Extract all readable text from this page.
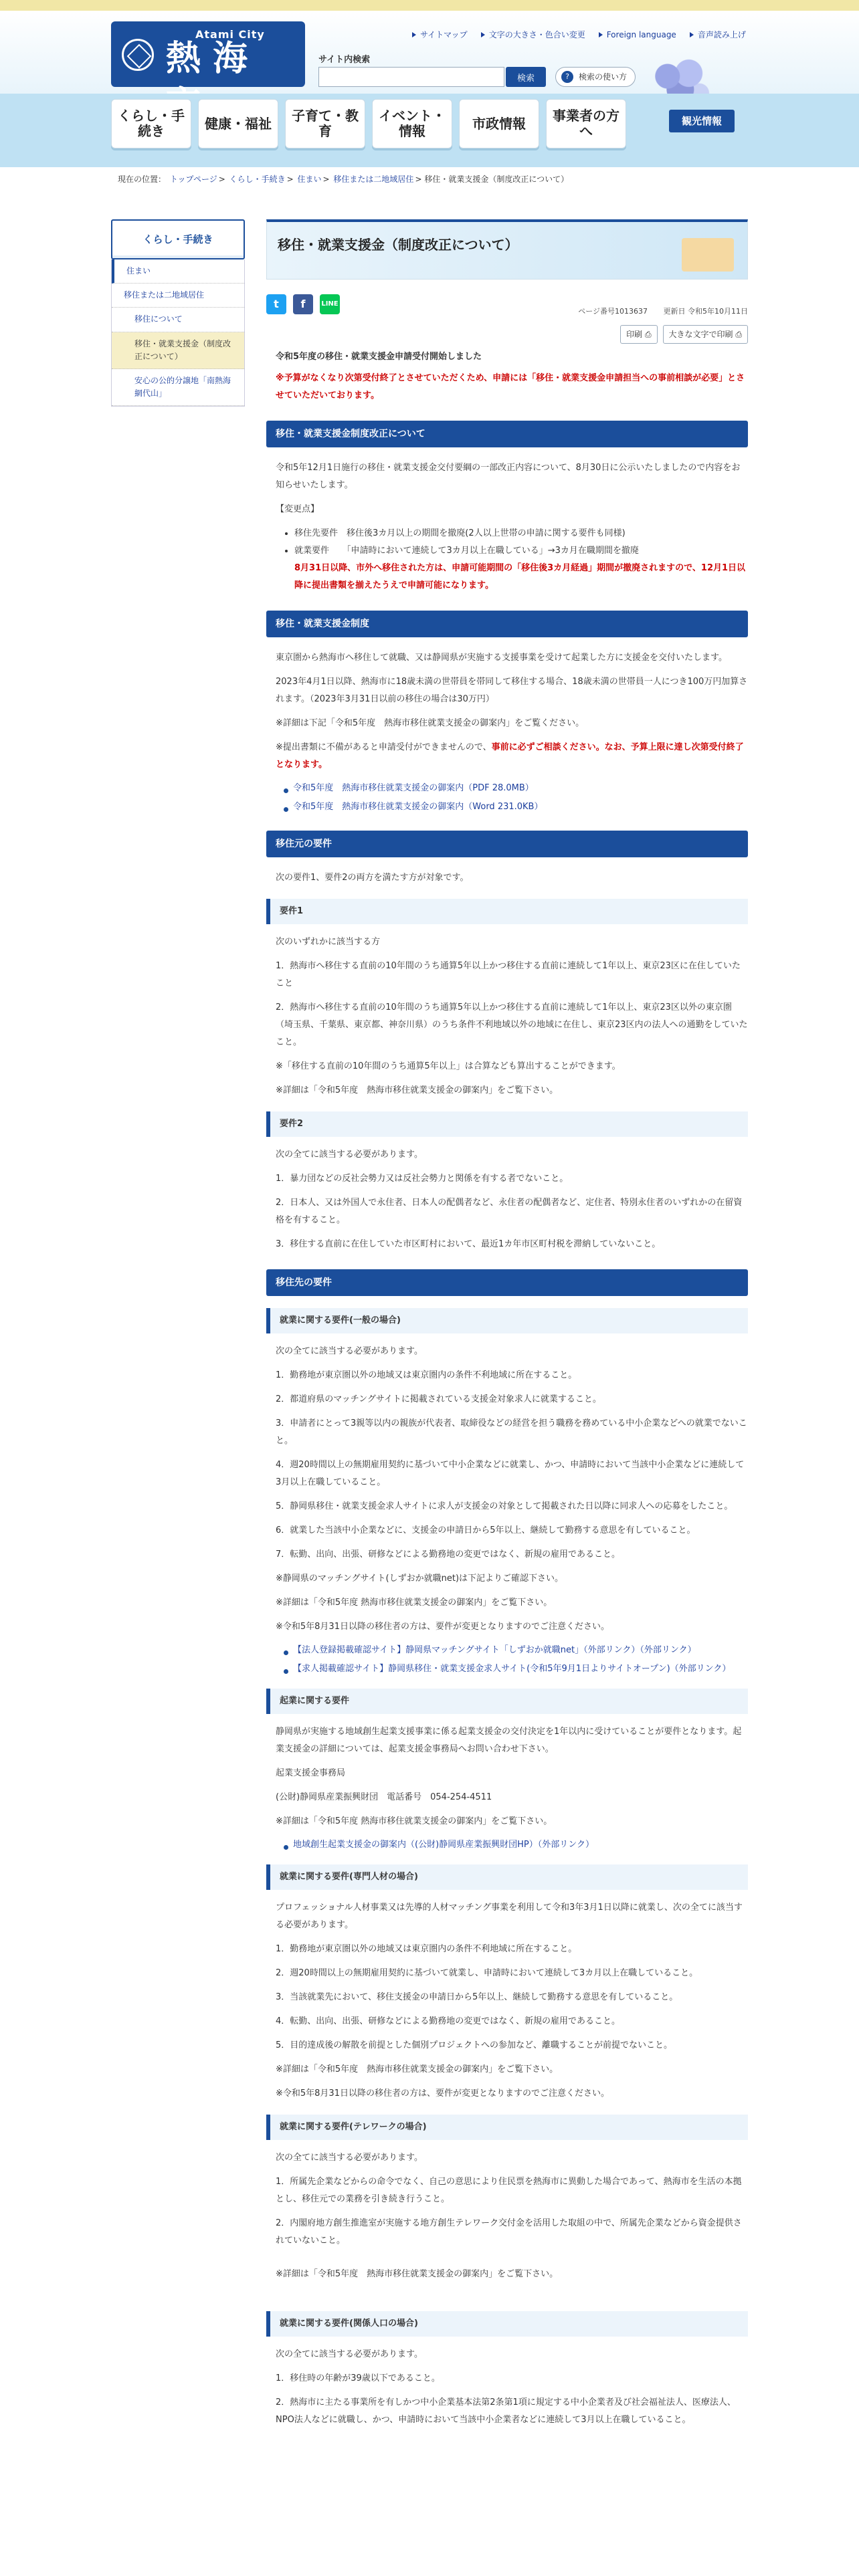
Atami City
熱海
サイトマップ	文字の大きさ・色合い変更	Foreign language	音声読み上げ
サイト内検索
検索	?	検索の使い方
くらし・手続き	健康・福祉	子育て・教育
イベント・情報	市政情報	事業者の方へ
観光情報
現在の位置： トップページ > くらし・手続き > 住まい > 移住または二地域居住 > 移住・就業支援金（制度改正について）
くらし・手続き
住まい
移住または二地域居住
移住について
移住・就業支援金（制度改正について）
安心の公的分譲地「南熱海網代山」
移住・就業支援金（制度改正について）
t	f	LINE
ページ番号1013637 更新日 令和5年10月11日
印刷 ⎙	大きな文字で印刷 ⎙

令和5年度の移住・就業支援金申請受付開始しました

※予算がなくなり次第受付終了とさせていただくため、申請には「移住・就業支援金申請担当への事前相談が必要」とさせていただいております。

移住・就業支援金制度改正について

令和5年12月1日施行の移住・就業支援金交付要綱の一部改正内容について、8月30日に公示いたしましたので内容をお知らせいたします。

【変更点】

• 移住先要件　移住後3カ月以上の期間を撤廃(2人以上世帯の申請に関する要件も同様)
• 就業要件　　「申請時において連続して3カ月以上在職している」→3カ月在職期間を撤廃
8月31日以降、市外へ移住された方は、申請可能期間の「移住後3カ月経過」期間が撤廃されますので、12月1日以降に提出書類を揃えたうえで申請可能になります。
移住・就業支援金制度

東京圏から熱海市へ移住して就職、又は静岡県が実施する支援事業を受けて起業した方に支援金を交付いたします。

2023年4月1日以降、熱海市に18歳未満の世帯員を帯同して移住する場合、18歳未満の世帯員一人につき100万円加算されます。（2023年3月31日以前の移住の場合は30万円）

※詳細は下記「令和5年度　熱海市移住就業支援金の御案内」をご覧ください。

※提出書類に不備があると申請受付ができませんので、事前に必ずご相談ください。なお、予算上限に達し次第受付終了となります。

令和5年度　熱海市移住就業支援金の御案内（PDF 28.0MB）

令和5年度　熱海市移住就業支援金の御案内（Word 231.0KB）

移住元の要件

次の要件1、要件2の両方を満たす方が対象です。

要件1

次のいずれかに該当する方

1．熱海市へ移住する直前の10年間のうち通算5年以上かつ移住する直前に連続して1年以上、東京23区に在住していたこと

2．熱海市へ移住する直前の10年間のうち通算5年以上かつ移住する直前に連続して1年以上、東京23区以外の東京圏（埼玉県、千葉県、東京都、神奈川県）のうち条件不利地域以外の地域に在住し、東京23区内の法人への通勤をしていたこと。

※「移住する直前の10年間のうち通算5年以上」は合算なども算出することができます。

※詳細は「令和5年度　熱海市移住就業支援金の御案内」をご覧下さい。

要件2

次の全てに該当する必要があります。

1．暴力団などの反社会勢力又は反社会勢力と関係を有する者でないこと。

2．日本人、又は外国人で永住者、日本人の配偶者など、永住者の配偶者など、定住者、特別永住者のいずれかの在留資格を有すること。

3．移住する直前に在住していた市区町村において、最近1カ年市区町村税を滞納していないこと。

移住先の要件
就業に関する要件(一般の場合)

次の全てに該当する必要があります。

1．勤務地が東京圏以外の地域又は東京圏内の条件不利地域に所在すること。

2．都道府県のマッチングサイトに掲載されている支援金対象求人に就業すること。

3．申請者にとって3親等以内の親族が代表者、取締役などの経営を担う職務を務めている中小企業などへの就業でないこと。

4．週20時間以上の無期雇用契約に基づいて中小企業などに就業し、かつ、申請時において当該中小企業などに連続して3月以上在職していること。

5．静岡県移住・就業支援金求人サイトに求人が支援金の対象として掲載された日以降に同求人への応募をしたこと。

6．就業した当該中小企業などに、支援金の申請日から5年以上、継続して勤務する意思を有していること。

7．転勤、出向、出張、研修などによる勤務地の変更ではなく、新規の雇用であること。

※静岡県のマッチングサイト(しずおか就職net)は下記よりご確認下さい。

※詳細は「令和5年度 熱海市移住就業支援金の御案内」をご覧下さい。

※令和5年8月31日以降の移住者の方は、要件が変更となりますのでご注意ください。

【法人登録掲載確認サイト】静岡県マッチングサイト「しずおか就職net」（外部リンク）（外部リンク）

【求人掲載確認サイト】静岡県移住・就業支援金求人サイト(令和5年9月1日よりサイトオープン)（外部リンク）

起業に関する要件

静岡県が実施する地域創生起業支援事業に係る起業支援金の交付決定を1年以内に受けていることが要件となります。起業支援金の詳細については、起業支援金事務局へお問い合わせ下さい。

起業支援金事務局

(公財)静岡県産業振興財団　電話番号　054-254-4511

※詳細は「令和5年度 熱海市移住就業支援金の御案内」をご覧下さい。

地域創生起業支援金の御案内（(公財)静岡県産業振興財団HP）（外部リンク）

就業に関する要件(専門人材の場合)

プロフェッショナル人材事業又は先導的人材マッチング事業を利用して令和3年3月1日以降に就業し、次の全てに該当する必要があります。

1．勤務地が東京圏以外の地域又は東京圏内の条件不利地域に所在すること。

2．週20時間以上の無期雇用契約に基づいて就業し、申請時において連続して3カ月以上在職していること。

3．当該就業先において、移住支援金の申請日から5年以上、継続して勤務する意思を有していること。

4．転勤、出向、出張、研修などによる勤務地の変更ではなく、新規の雇用であること。

5．目的達成後の解散を前提とした個別プロジェクトへの参加など、離職することが前提でないこと。

※詳細は「令和5年度　熱海市移住就業支援金の御案内」をご覧下さい。

※令和5年8月31日以降の移住者の方は、要件が変更となりますのでご注意ください。

就業に関する要件(テレワークの場合)

次の全てに該当する必要があります。

1．所属先企業などからの命令でなく、自己の意思により住民票を熱海市に異動した場合であって、熱海市を生活の本拠とし、移住元での業務を引き続き行うこと。

2．内閣府地方創生推進室が実施する地方創生テレワーク交付金を活用した取組の中で、所属先企業などから資金提供されていないこと。

※詳細は「令和5年度　熱海市移住就業支援金の御案内」をご覧下さい。

就業に関する要件(関係人口の場合)

次の全てに該当する必要があります。

1．移住時の年齢が39歳以下であること。

2．熱海市に主たる事業所を有しかつ中小企業基本法第2条第1項に規定する中小企業者及び社会福祉法人、医療法人、NPO法人などに就職し、かつ、申請時において当該中小企業者などに連続して3月以上在職していること。
